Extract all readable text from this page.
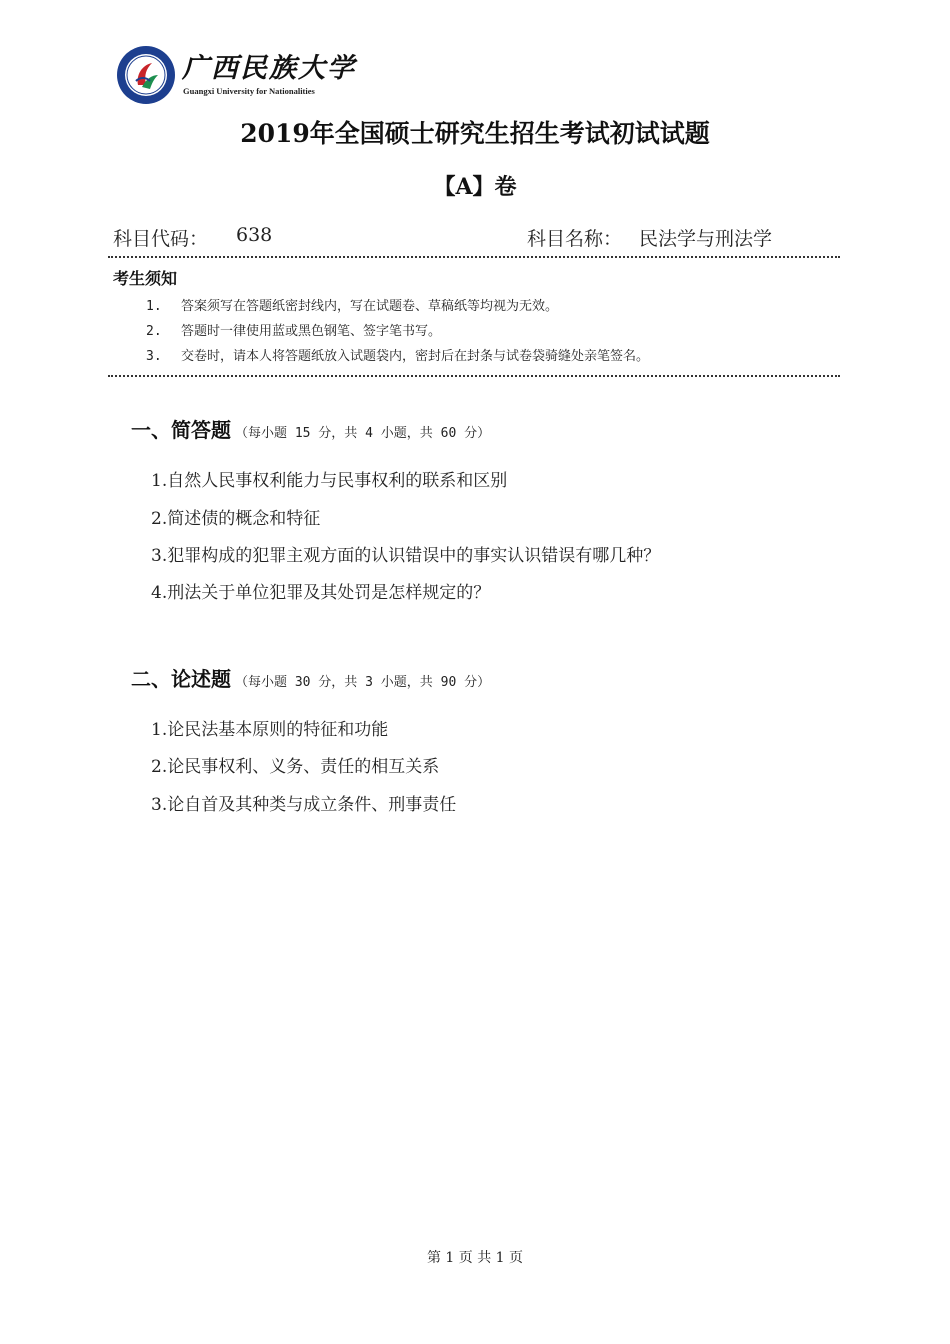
广西民族大学
Guangxi University for Nationalities
2019年全国硕士研究生招生考试初试试题
【A】卷
科目代码： 638	科目名称： 民法学与刑法学
考生须知
1. 答案须写在答题纸密封线内，写在试题卷、草稿纸等均视为无效。
2. 答题时一律使用蓝或黑色钢笔、签字笔书写。
3. 交卷时，请本人将答题纸放入试题袋内，密封后在封条与试卷袋骑缝处亲笔签名。
一、简答题 （每小题 15 分，共 4 小题，共 60 分）
1.自然人民事权利能力与民事权利的联系和区别
2.简述债的概念和特征
3.犯罪构成的犯罪主观方面的认识错误中的事实认识错误有哪几种？
4.刑法关于单位犯罪及其处罚是怎样规定的？
二、论述题 （每小题 30 分，共 3 小题，共 90 分）
1.论民法基本原则的特征和功能
2.论民事权利、义务、责任的相互关系
3.论自首及其种类与成立条件、刑事责任
第 1 页 共 1 页
